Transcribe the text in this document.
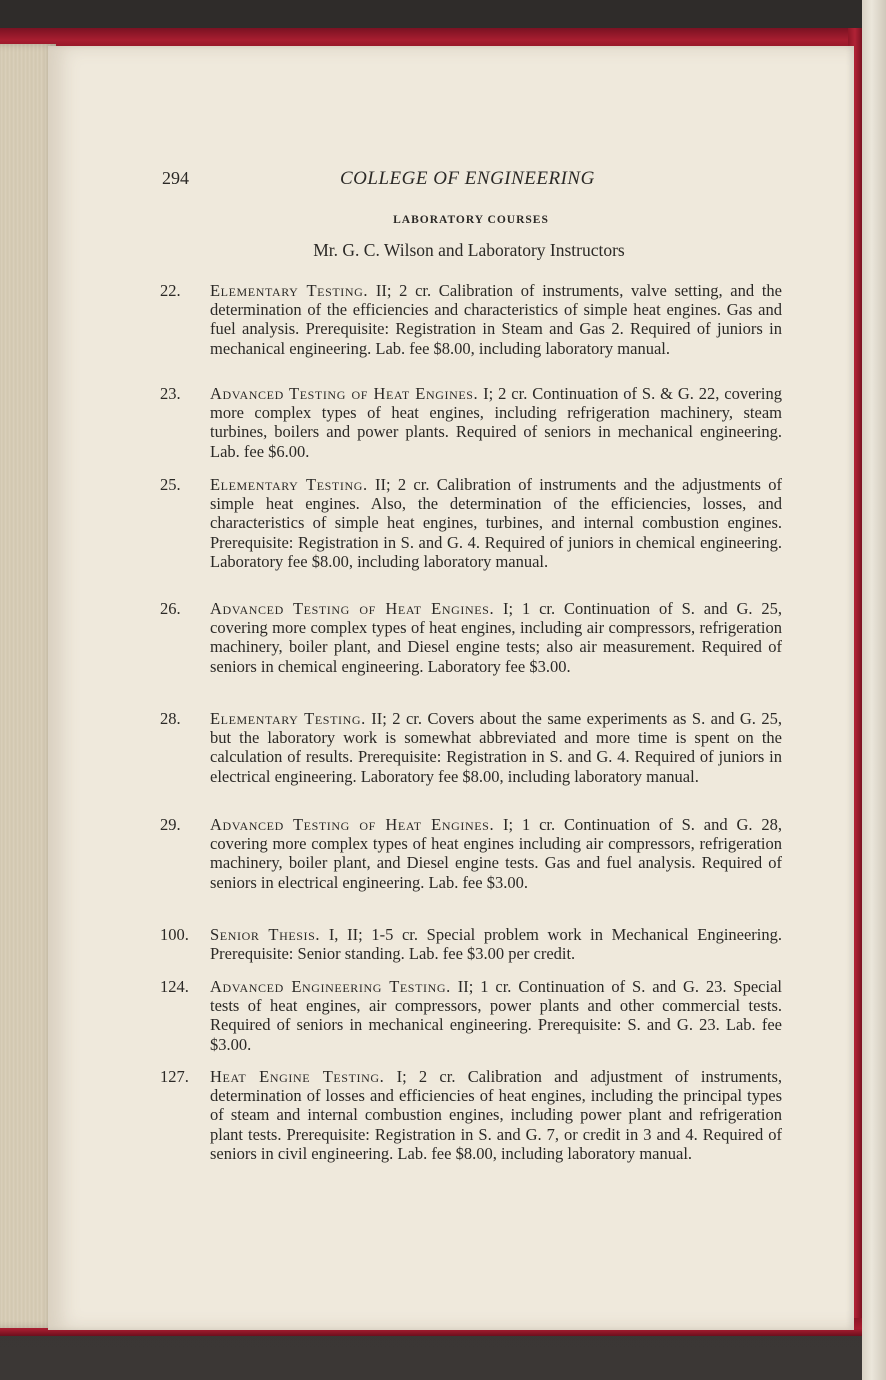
294	COLLEGE OF ENGINEERING
LABORATORY COURSES
Mr. G. C. Wilson and Laboratory Instructors
22.	Elementary Testing. II; 2 cr. Calibration of instruments, valve setting, and the determination of the efficiencies and characteristics of simple heat engines. Gas and fuel analysis. Prerequisite: Registration in Steam and Gas 2. Required of juniors in mechanical engineering. Lab. fee $8.00, including laboratory manual.
23.	Advanced Testing of Heat Engines. I; 2 cr. Continuation of S. & G. 22, covering more complex types of heat engines, including refrigeration machinery, steam turbines, boilers and power plants. Required of seniors in mechanical engineering. Lab. fee $6.00.
25.	Elementary Testing. II; 2 cr. Calibration of instruments and the adjustments of simple heat engines. Also, the determination of the efficiencies, losses, and characteristics of simple heat engines, turbines, and internal combustion engines. Prerequisite: Registration in S. and G. 4. Required of juniors in chemical engineering. Laboratory fee $8.00, including laboratory manual.
26.	Advanced Testing of Heat Engines. I; 1 cr. Continuation of S. and G. 25, covering more complex types of heat engines, including air compressors, refrigeration machinery, boiler plant, and Diesel engine tests; also air measurement. Required of seniors in chemical engineering. Laboratory fee $3.00.
28.	Elementary Testing. II; 2 cr. Covers about the same experiments as S. and G. 25, but the laboratory work is somewhat abbreviated and more time is spent on the calculation of results. Prerequisite: Registration in S. and G. 4. Required of juniors in electrical engineering. Laboratory fee $8.00, including laboratory manual.
29.	Advanced Testing of Heat Engines. I; 1 cr. Continuation of S. and G. 28, covering more complex types of heat engines including air compressors, refrigeration machinery, boiler plant, and Diesel engine tests. Gas and fuel analysis. Required of seniors in electrical engineering. Lab. fee $3.00.
100.	Senior Thesis. I, II; 1-5 cr. Special problem work in Mechanical Engineering. Prerequisite: Senior standing. Lab. fee $3.00 per credit.
124.	Advanced Engineering Testing. II; 1 cr. Continuation of S. and G. 23. Special tests of heat engines, air compressors, power plants and other commercial tests. Required of seniors in mechanical engineering. Prerequisite: S. and G. 23. Lab. fee $3.00.
127.	Heat Engine Testing. I; 2 cr. Calibration and adjustment of instruments, determination of losses and efficiencies of heat engines, including the principal types of steam and internal combustion engines, including power plant and refrigeration plant tests. Prerequisite: Registration in S. and G. 7, or credit in 3 and 4. Required of seniors in civil engineering. Lab. fee $8.00, including laboratory manual.
